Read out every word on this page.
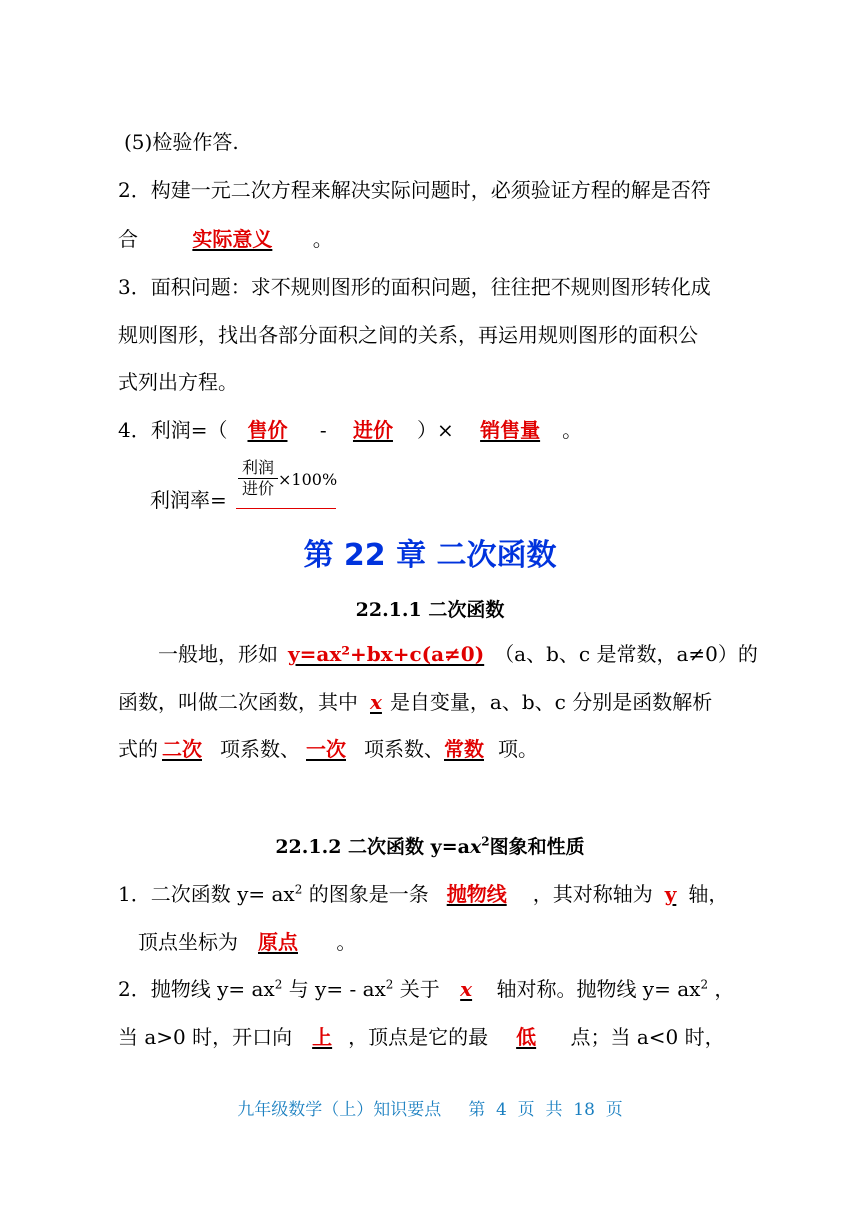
(5)检验作答.
2．构建一元二次方程来解决实际问题时，必须验证方程的解是否符
合	实际意义 。
3．面积问题：求不规则图形的面积问题，往往把不规则图形转化成
规则图形，找出各部分面积之间的关系，再运用规则图形的面积公
式列出方程。
4．利润=（ 售价 - 进价 ）× 销售量 。
利润率=
利润
进价 ×100%
第 22 章 二次函数
22.1.1 二次函数
一般地，形如 y=ax²+bx+c(a≠0) （a、b、c 是常数，a≠0）的
函数，叫做二次函数，其中 x 是自变量，a、b、c 分别是函数解析
式的 二次 项系数、 一次 项系数、常数 项。
22.1.2 二次函数 $y=ax^2$图象和性质
1．二次函数 $y= ax^2$ 的图象是一条 抛物线 ，其对称轴为 y 轴，
顶点坐标为 原点 。
2．抛物线 $y= ax^2$ 与 $y= - ax^2$ 关于 x 轴对称。抛物线 $y= ax^2$ ，
当 a>0 时，开口向 上 ，顶点是它的最 低 点；当 a<0 时，
九年级数学（上）知识要点     第  4  页  共  18  页
